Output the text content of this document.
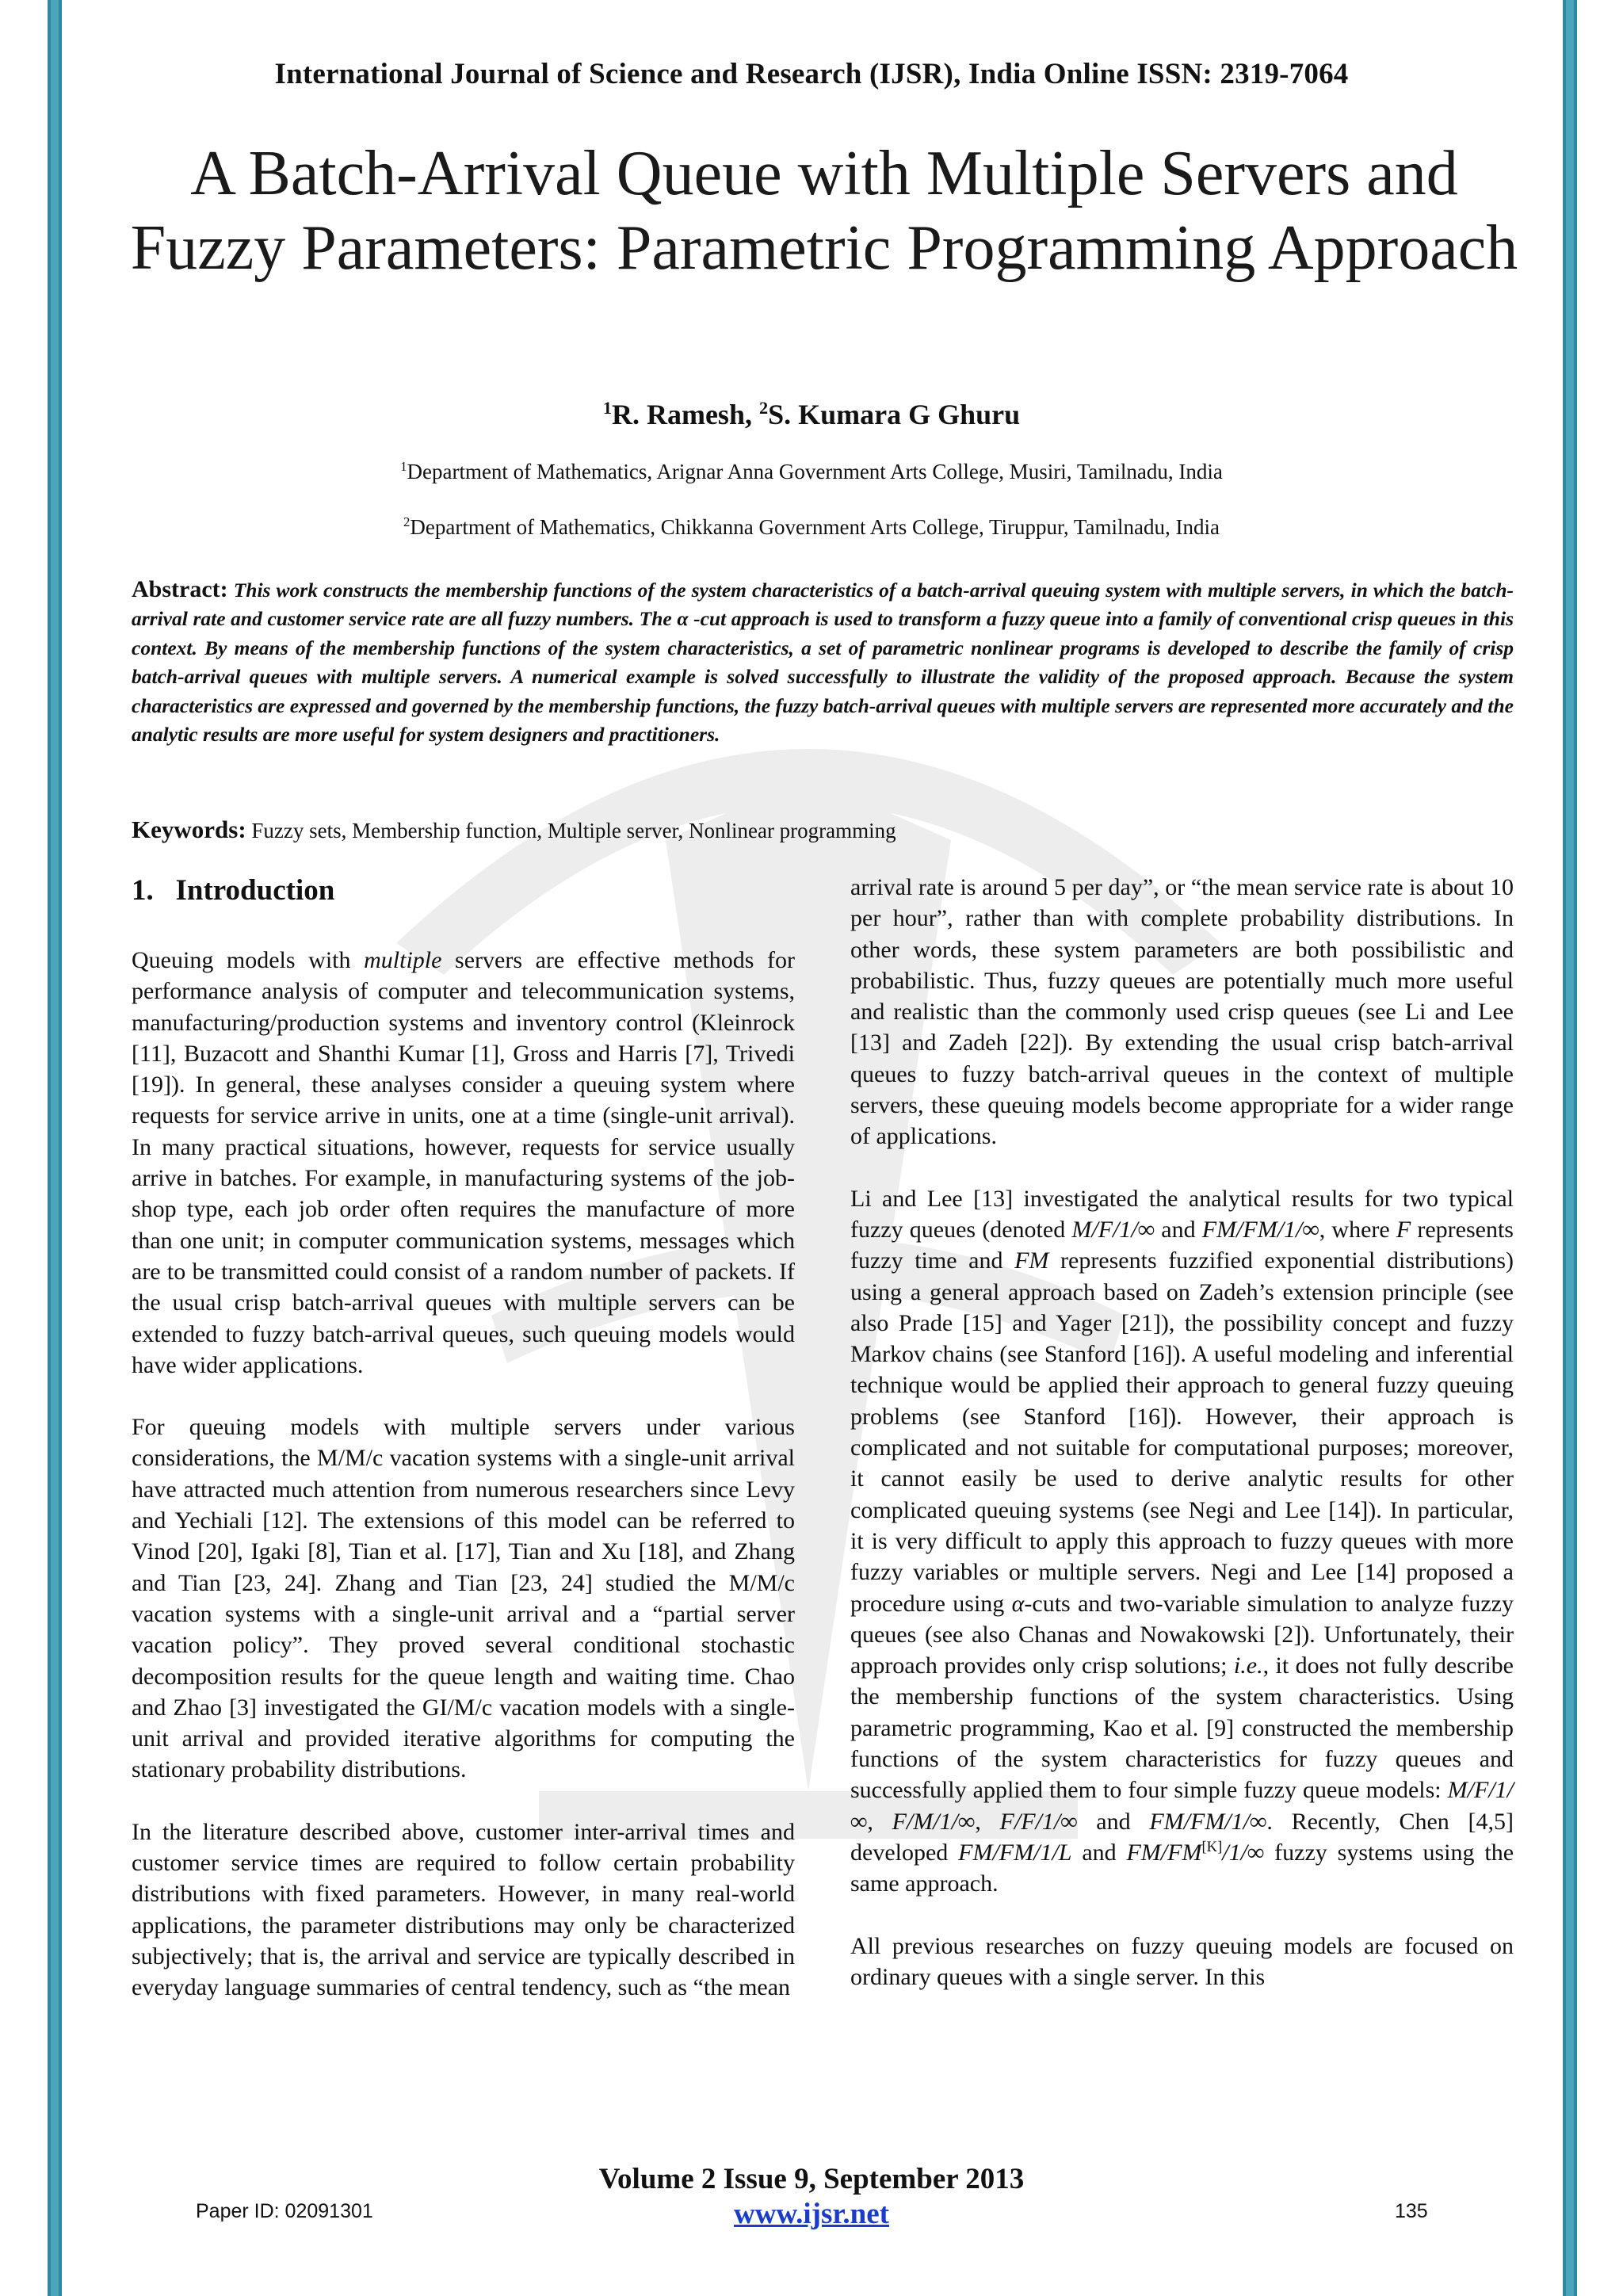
International Journal of Science and Research (IJSR), India Online ISSN: 2319-7064
A Batch-Arrival Queue with Multiple Servers and Fuzzy Parameters: Parametric Programming Approach
$^1$R. Ramesh, $^2$S. Kumara G Ghuru
$^1$Department of Mathematics, Arignar Anna Government Arts College, Musiri, Tamilnadu, India
$^2$Department of Mathematics, Chikkanna Government Arts College, Tiruppur, Tamilnadu, India
Abstract: This work constructs the membership functions of the system characteristics of a batch-arrival queuing system with multiple servers, in which the batch-arrival rate and customer service rate are all fuzzy numbers. The α -cut approach is used to transform a fuzzy queue into a family of conventional crisp queues in this context. By means of the membership functions of the system characteristics, a set of parametric nonlinear programs is developed to describe the family of crisp batch-arrival queues with multiple servers. A numerical example is solved successfully to illustrate the validity of the proposed approach. Because the system characteristics are expressed and governed by the membership functions, the fuzzy batch-arrival queues with multiple servers are represented more accurately and the analytic results are more useful for system designers and practitioners.
Keywords: Fuzzy sets, Membership function, Multiple server, Nonlinear programming
1. Introduction

Queuing models with multiple servers are effective methods for performance analysis of computer and telecommunication systems, manufacturing/production systems and inventory control (Kleinrock [11], Buzacott and Shanthi Kumar [1], Gross and Harris [7], Trivedi [19]). In general, these analyses consider a queuing system where requests for service arrive in units, one at a time (single-unit arrival). In many practical situations, however, requests for service usually arrive in batches. For example, in manufacturing systems of the job-shop type, each job order often requires the manufacture of more than one unit; in computer communication systems, messages which are to be transmitted could consist of a random number of packets. If the usual crisp batch-arrival queues with multiple servers can be extended to fuzzy batch-arrival queues, such queuing models would have wider applications.

For queuing models with multiple servers under various considerations, the M/M/c vacation systems with a single-unit arrival have attracted much attention from numerous researchers since Levy and Yechiali [12]. The extensions of this model can be referred to Vinod [20], Igaki [8], Tian et al. [17], Tian and Xu [18], and Zhang and Tian [23, 24]. Zhang and Tian [23, 24] studied the M/M/c vacation systems with a single-unit arrival and a “partial server vacation policy”. They proved several conditional stochastic decomposition results for the queue length and waiting time. Chao and Zhao [3] investigated the GI/M/c vacation models with a single-unit arrival and provided iterative algorithms for computing the stationary probability distributions.

In the literature described above, customer inter-arrival times and customer service times are required to follow certain probability distributions with fixed parameters. However, in many real-world applications, the parameter distributions may only be characterized subjectively; that is, the arrival and service are typically described in everyday language summaries of central tendency, such as “the mean

arrival rate is around 5 per day”, or “the mean service rate is about 10 per hour”, rather than with complete probability distributions. In other words, these system parameters are both possibilistic and probabilistic. Thus, fuzzy queues are potentially much more useful and realistic than the commonly used crisp queues (see Li and Lee [13] and Zadeh [22]). By extending the usual crisp batch-arrival queues to fuzzy batch-arrival queues in the context of multiple servers, these queuing models become appropriate for a wider range of applications.

Li and Lee [13] investigated the analytical results for two typical fuzzy queues (denoted M/F/1/∞ and FM/FM/1/∞, where F represents fuzzy time and FM represents fuzzified exponential distributions) using a general approach based on Zadeh’s extension principle (see also Prade [15] and Yager [21]), the possibility concept and fuzzy Markov chains (see Stanford [16]). A useful modeling and inferential technique would be applied their approach to general fuzzy queuing problems (see Stanford [16]). However, their approach is complicated and not suitable for computational purposes; moreover, it cannot easily be used to derive analytic results for other complicated queuing systems (see Negi and Lee [14]). In particular, it is very difficult to apply this approach to fuzzy queues with more fuzzy variables or multiple servers. Negi and Lee [14] proposed a procedure using α-cuts and two-variable simulation to analyze fuzzy queues (see also Chanas and Nowakowski [2]). Unfortunately, their approach provides only crisp solutions; i.e., it does not fully describe the membership functions of the system characteristics. Using parametric programming, Kao et al. [9] constructed the membership functions of the system characteristics for fuzzy queues and successfully applied them to four simple fuzzy queue models: M/F/1/∞, F/M/1/∞, F/F/1/∞ and FM/FM/1/∞. Recently, Chen [4,5] developed FM/FM/1/L and FM/FM[K]/1/∞ fuzzy systems using the same approach.

All previous researches on fuzzy queuing models are focused on ordinary queues with a single server. In this

Volume 2 Issue 9, September 2013
www.ijsr.net
Paper ID: 02091301	135
